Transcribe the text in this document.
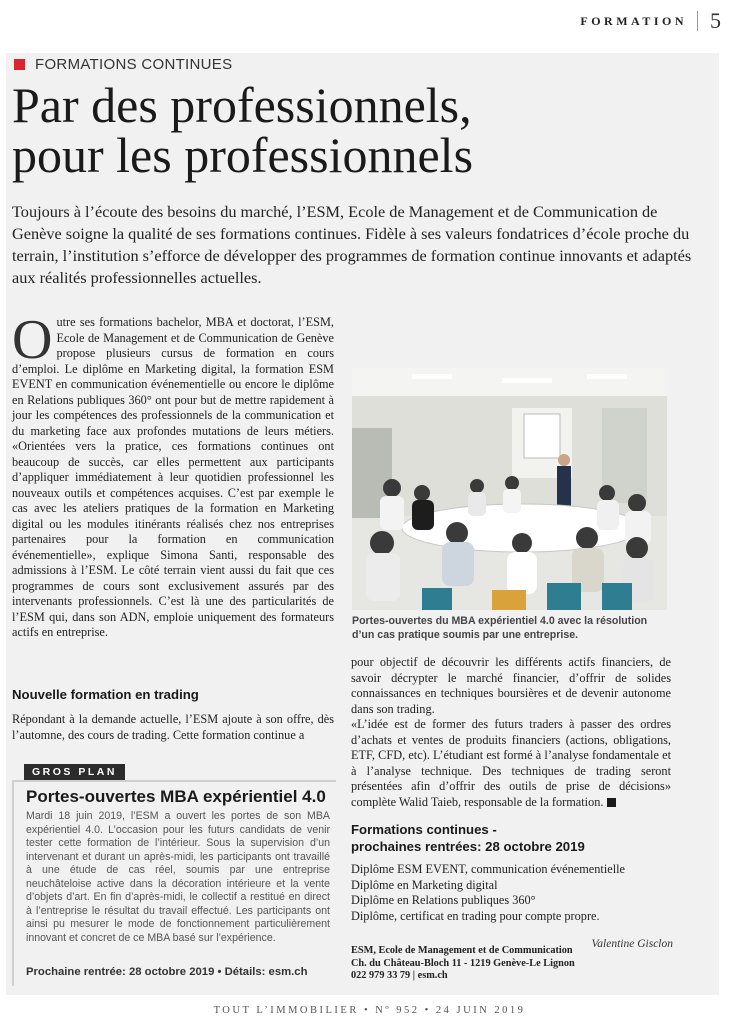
FORMATION 5
FORMATIONS CONTINUES
Par des professionnels,
pour les professionnels

Toujours à l’écoute des besoins du marché, l’ESM, Ecole de Management et de Communication de Genève soigne la qualité de ses formations continues. Fidèle à ses valeurs fondatrices d’école proche du terrain, l’institution s’efforce de développer des programmes de formation continue innovants et adaptés aux réalités professionnelles actuelles.

Outre ses formations bachelor, MBA et doctorat, l’ESM, Ecole de Management et de Communication de Genève propose plusieurs cursus de formation en cours d’emploi. Le diplôme en Marketing digital, la formation ESM EVENT en communication événementielle ou encore le diplôme en Relations publiques 360° ont pour but de mettre rapidement à jour les compétences des professionnels de la communication et du marketing face aux profondes mutations de leurs métiers. «Orientées vers la pratice, ces formations continues ont beaucoup de succès, car elles permettent aux participants d’appliquer immédiatement à leur quotidien professionnel les nouveaux outils et compétences acquises. C’est par exemple le cas avec les ateliers pratiques de la formation en Marketing digital ou les modules itinérants réalisés chez nos entreprises partenaires pour la formation en communication événementielle», explique Simona Santi, responsable des admissions à l’ESM. Le côté terrain vient aussi du fait que ces programmes de cours sont exclusivement assurés par des intervenants professionnels. C’est là une des particularités de l’ESM qui, dans son ADN, emploie uniquement des formateurs actifs en entreprise.
Nouvelle formation en trading

Répondant à la demande actuelle, l’ESM ajoute à son offre, dès l’automne, des cours de trading. Cette formation continue a

GROS PLAN
Portes-ouvertes MBA expérientiel 4.0

Mardi 18 juin 2019, l’ESM a ouvert les portes de son MBA expérientiel 4.0. L’occasion pour les futurs candidats de venir tester cette formation de l’intérieur. Sous la supervision d’un intervenant et durant un après-midi, les participants ont travaillé à une étude de cas réel, soumis par une entreprise neuchâteloise active dans la décoration intérieure et la vente d’objets d’art. En fin d’après-midi, le collectif a restitué en direct à l’entreprise le résultat du travail effectué. Les participants ont ainsi pu mesurer le mode de fonctionnement particulièrement innovant et concret de ce MBA basé sur l’expérience.

Prochaine rentrée: 28 octobre 2019 • Détails: esm.ch

Portes-ouvertes du MBA expérientiel 4.0 avec la résolution d’un cas pratique soumis par une entreprise.

pour objectif de découvrir les différents actifs financiers, de savoir décrypter le marché financier, d’offrir de solides connaissances en techniques boursières et de devenir autonome dans son trading.
«L’idée est de former des futurs traders à passer des ordres d’achats et ventes de produits financiers (actions, obligations, ETF, CFD, etc). L’étudiant est formé à l’analyse fondamentale et à l’analyse technique. Des techniques de trading seront présentées afin d’offrir des outils de prise de décisions» complète Walid Taieb, responsable de la formation.
Formations continues -
prochaines rentrées: 28 octobre 2019
Diplôme ESM EVENT, communication événementielle
Diplôme en Marketing digital
Diplôme en Relations publiques 360°
Diplôme, certificat en trading pour compte propre.
Valentine Gisclon
ESM, Ecole de Management et de Communication
Ch. du Château-Bloch 11 - 1219 Genève-Le Lignon
022 979 33 79 | esm.ch
TOUT L’IMMOBILIER • Nº 952 • 24 JUIN 2019
